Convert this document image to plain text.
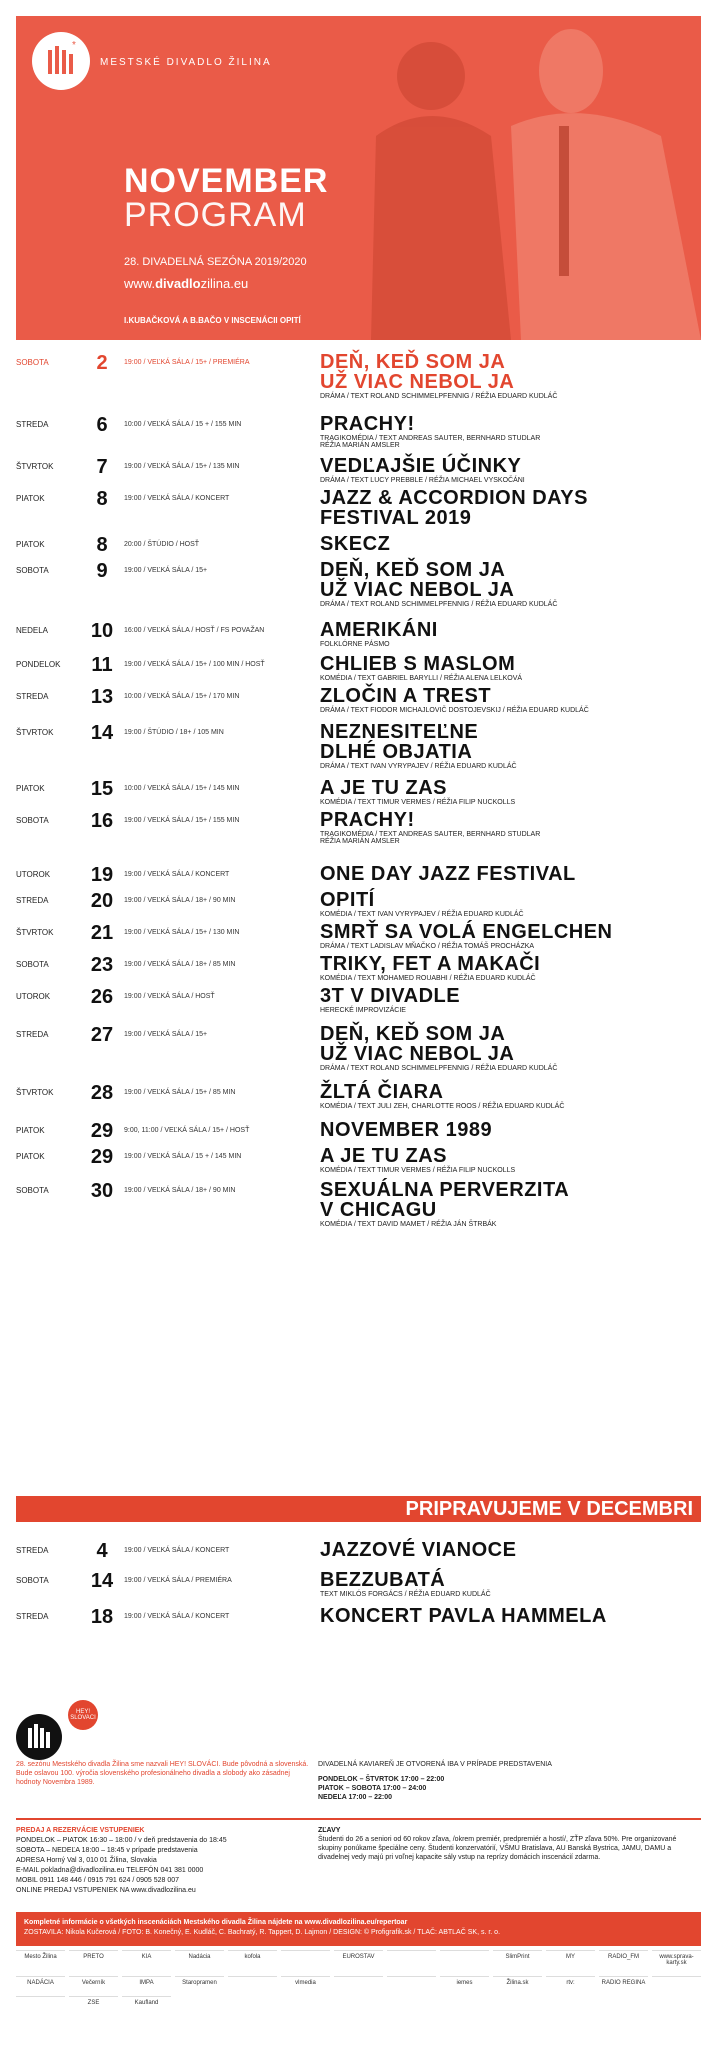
*
MESTSKÉ DIVADLO ŽILINA
NOVEMBER
PROGRAM
28. DIVADELNÁ SEZÓNA 2019/2020
www.divadlozilina.eu
I.KUBAČKOVÁ A B.BAČO V INSCENÁCII OPITÍ
SOBOTA	2	19:00 / VEĽKÁ SÁLA / 15+ / PREMIÉRA	DEŇ, KEĎ SOM JA
UŽ VIAC NEBOL JA
DRÁMA / TEXT ROLAND SCHIMMELPFENNIG / RÉŽIA EDUARD KUDLÁČ
STREDA	6	10:00 / VEĽKÁ SÁLA / 15 + / 155 MIN	PRACHY!
TRAGIKOMÉDIA / TEXT ANDREAS SAUTER, BERNHARD STUDLAR
RÉŽIA MARIÁN AMSLER
ŠTVRTOK	7	19:00 / VEĽKÁ SÁLA / 15+ / 135 MIN	VEDĽAJŠIE ÚČINKY
DRÁMA / TEXT LUCY PREBBLE / RÉŽIA MICHAEL VYSKOČÁNI
PIATOK	8	19:00 / VEĽKÁ SÁLA / KONCERT	JAZZ & ACCORDION DAYS
FESTIVAL 2019
PIATOK	8	20:00 / ŠTÚDIO / HOSŤ	SKECZ
SOBOTA	9	19:00 / VEĽKÁ SÁLA / 15+	DEŇ, KEĎ SOM JA
UŽ VIAC NEBOL JA
DRÁMA / TEXT ROLAND SCHIMMELPFENNIG / RÉŽIA EDUARD KUDLÁČ
NEDELA	10	16:00 / VEĽKÁ SÁLA / HOSŤ / FS POVAŽAN	AMERIKÁNI
FOLKLÓRNE PÁSMO
PONDELOK	11	19:00 / VEĽKÁ SÁLA / 15+ / 100 MIN / HOSŤ	CHLIEB S MASLOM
KOMÉDIA / TEXT GABRIEL BARYLLI / RÉŽIA ALENA LELKOVÁ
STREDA	13	10:00 / VEĽKÁ SÁLA / 15+ / 170 MIN	ZLOČIN A TREST
DRÁMA / TEXT FIODOR MICHAJLOVIČ DOSTOJEVSKIJ / RÉŽIA EDUARD KUDLÁČ
ŠTVRTOK	14	19:00 / ŠTÚDIO / 18+ / 105 MIN	NEZNESITEĽNE
DLHÉ OBJATIA
DRÁMA / TEXT IVAN VYRYPAJEV / RÉŽIA EDUARD KUDLÁČ
PIATOK	15	10:00 / VEĽKÁ SÁLA / 15+ / 145 MIN	A JE TU ZAS
KOMÉDIA / TEXT TIMUR VERMES / RÉŽIA FILIP NUCKOLLS
SOBOTA	16	19:00 / VEĽKÁ SÁLA / 15+ / 155 MIN	PRACHY!
TRAGIKOMÉDIA / TEXT ANDREAS SAUTER, BERNHARD STUDLAR
RÉŽIA MARIÁN AMSLER
UTOROK	19	19:00 / VEĽKÁ SÁLA / KONCERT	ONE DAY JAZZ FESTIVAL
STREDA	20	19:00 / VEĽKÁ SÁLA / 18+ / 90 MIN	OPITÍ
KOMÉDIA / TEXT IVAN VYRYPAJEV / RÉŽIA EDUARD KUDLÁČ
ŠTVRTOK	21	19:00 / VEĽKÁ SÁLA / 15+ / 130 MIN	SMRŤ SA VOLÁ ENGELCHEN
DRÁMA / TEXT LADISLAV MŇAČKO / RÉŽIA TOMÁŠ PROCHÁZKA
SOBOTA	23	19:00 / VEĽKÁ SÁLA / 18+ / 85 MIN	TRIKY, FET A MAKAČI
KOMÉDIA / TEXT MOHAMED ROUABHI / RÉŽIA EDUARD KUDLÁČ
UTOROK	26	19:00 / VEĽKÁ SÁLA / HOSŤ	3T V DIVADLE
HERECKÉ IMPROVIZÁCIE
STREDA	27	19:00 / VEĽKÁ SÁLA / 15+	DEŇ, KEĎ SOM JA
UŽ VIAC NEBOL JA
DRÁMA / TEXT ROLAND SCHIMMELPFENNIG / RÉŽIA EDUARD KUDLÁČ
ŠTVRTOK	28	19:00 / VEĽKÁ SÁLA / 15+ / 85 MIN	ŽLTÁ ČIARA
KOMÉDIA / TEXT JULI ZEH, CHARLOTTE ROOS / RÉŽIA EDUARD KUDLÁČ
PIATOK	29	9:00, 11:00 / VEĽKÁ SÁLA / 15+ / HOSŤ	NOVEMBER 1989
PIATOK	29	19:00 / VEĽKÁ SÁLA / 15 + / 145 MIN	A JE TU ZAS
KOMÉDIA / TEXT TIMUR VERMES / RÉŽIA FILIP NUCKOLLS
SOBOTA	30	19:00 / VEĽKÁ SÁLA / 18+ / 90 MIN	SEXUÁLNA PERVERZITA
V CHICAGU
KOMÉDIA / TEXT DAVID MAMET / RÉŽIA JÁN ŠTRBÁK
PRIPRAVUJEME V DECEMBRI
STREDA	4	19:00 / VEĽKÁ SÁLA / KONCERT	JAZZOVÉ VIANOCE
SOBOTA	14	19:00 / VEĽKÁ SÁLA / PREMIÉRA	BEZZUBATÁ
TEXT MIKLÓS FORGÁCS / RÉŽIA EDUARD KUDLÁČ
STREDA	18	19:00 / VEĽKÁ SÁLA / KONCERT	KONCERT PAVLA HAMMELA
HEY! SLOVACI
28. sezónu Mestského divadla Žilina sme nazvali HEY! SLOVÁCI. Bude pôvodná a slovenská. Bude oslavou 100. výročia slovenského profesionálneho divadla a slobody ako zásadnej hodnoty Novembra 1989.
DIVADELNÁ KAVIAREŇ JE OTVORENÁ IBA V PRÍPADE PREDSTAVENIA
PONDELOK – ŠTVRTOK 17:00 – 22:00
PIATOK – SOBOTA 17:00 – 24:00
NEDEĽA 17:00 – 22:00
PREDAJ A REZERVÁCIE VSTUPENIEK
PONDELOK – PIATOK 16:30 – 18:00 / v deň predstavenia do 18:45
SOBOTA – NEDEĽA 18:00 – 18:45 v prípade predstavenia
ADRESA Horný Val 3, 010 01 Žilina, Slovakia
E-MAIL pokladna@divadlozilina.eu TELEFÓN 041 381 0000
MOBIL 0911 148 446 / 0915 791 624 / 0905 528 007
ONLINE PREDAJ VSTUPENIEK NA www.divadlozilina.eu
ZĽAVY
Študenti do 26 a seniori od 60 rokov zľava, /okrem premiér, predpremiér a hostí/, ZŤP zľava 50%. Pre organizované skupiny ponúkame špeciálne ceny. Študenti konzervatórií, VŠMU Bratislava, AU Banská Bystrica, JAMU, DAMU a divadelnej vedy majú pri voľnej kapacite sály vstup na reprízy domácich inscenácií zdarma.
Kompletné informácie o všetkých inscenáciách Mestského divadla Žilina nájdete na www.divadlozilina.eu/repertoar
ZOSTAVILA: Nikola Kučerová / FOTO: B. Konečný, E. Kudláč, C. Bachratý, R. Tappert, D. Lajmon / DESIGN: © Profigrafik.sk / TLAČ: ABTLAČ SK, s. r. o.
Mesto Žilina	PRETO	KIA	Nadácia	kofola	EUROSTAV	SlimPrint	MY	RADIO_FM	www.sprava-karty.sk
NADÁCIA	Večerník	IMPA	Staropramen	vlmedia	iemes	Žilina.sk	rtv:	RADIO REGINA
ZSE	Kaufland
